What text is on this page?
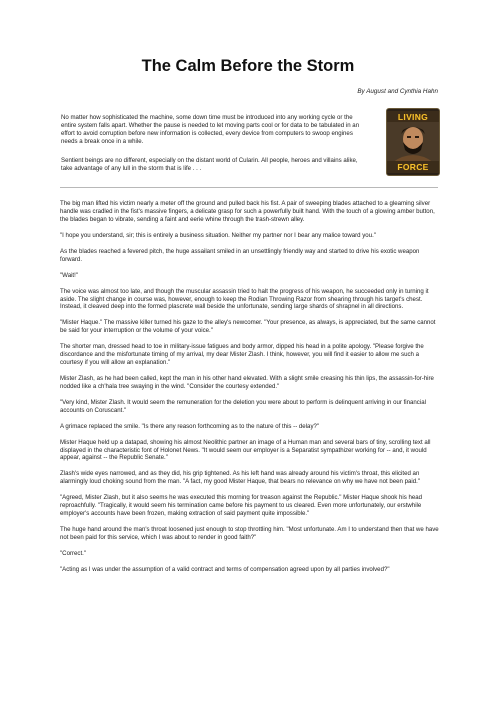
The Calm Before the Storm
By August and Cynthia Hahn

No matter how sophisticated the machine, some down time must be introduced into any working cycle or the entire system falls apart. Whether the pause is needed to let moving parts cool or for data to be tabulated in an effort to avoid corruption before new information is collected, every device from computers to swoop engines needs a break once in a while.

Sentient beings are no different, especially on the distant world of Cularin. All people, heroes and villains alike, take advantage of any lull in the storm that is life . . .

LIVING
FORCE

The big man lifted his victim nearly a meter off the ground and pulled back his fist. A pair of sweeping blades attached to a gleaming silver handle was cradled in the fist's massive fingers, a delicate grasp for such a powerfully built hand. With the touch of a glowing amber button, the blades began to vibrate, sending a faint and eerie whine through the trash-strewn alley.

"I hope you understand, sir; this is entirely a business situation. Neither my partner nor I bear any malice toward you."

As the blades reached a fevered pitch, the huge assailant smiled in an unsettlingly friendly way and started to drive his exotic weapon forward.

"Wait!"

The voice was almost too late, and though the muscular assassin tried to halt the progress of his weapon, he succeeded only in turning it aside. The slight change in course was, however, enough to keep the Rodian Throwing Razor from shearing through his target's chest. Instead, it cleaved deep into the formed plascrete wall beside the unfortunate, sending large shards of shrapnel in all directions.

"Mister Haque." The massive killer turned his gaze to the alley's newcomer. "Your presence, as always, is appreciated, but the same cannot be said for your interruption or the volume of your voice."

The shorter man, dressed head to toe in military-issue fatigues and body armor, dipped his head in a polite apology. "Please forgive the discordance and the misfortunate timing of my arrival, my dear Mister Zlash. I think, however, you will find it easier to allow me such a courtesy if you will allow an explanation."

Mister Zlash, as he had been called, kept the man in his other hand elevated. With a slight smile creasing his thin lips, the assassin-for-hire nodded like a ch'hala tree swaying in the wind. "Consider the courtesy extended."

"Very kind, Mister Zlash. It would seem the remuneration for the deletion you were about to perform is delinquent arriving in our financial accounts on Coruscant."

A grimace replaced the smile. "Is there any reason forthcoming as to the nature of this -- delay?"

Mister Haque held up a datapad, showing his almost Neolithic partner an image of a Human man and several bars of tiny, scrolling text all displayed in the characteristic font of Holonet News. "It would seem our employer is a Separatist sympathizer working for -- and, it would appear, against -- the Republic Senate."

Zlash's wide eyes narrowed, and as they did, his grip tightened. As his left hand was already around his victim's throat, this elicited an alarmingly loud choking sound from the man. "A fact, my good Mister Haque, that bears no relevance on why we have not been paid."

"Agreed, Mister Zlash, but it also seems he was executed this morning for treason against the Republic." Mister Haque shook his head reproachfully. "Tragically, it would seem his termination came before his payment to us cleared. Even more unfortunately, our erstwhile employer's accounts have been frozen, making extraction of said payment quite impossible."

The huge hand around the man's throat loosened just enough to stop throttling him. "Most unfortunate. Am I to understand then that we have not been paid for this service, which I was about to render in good faith?"

"Correct."

"Acting as I was under the assumption of a valid contract and terms of compensation agreed upon by all parties involved?"
